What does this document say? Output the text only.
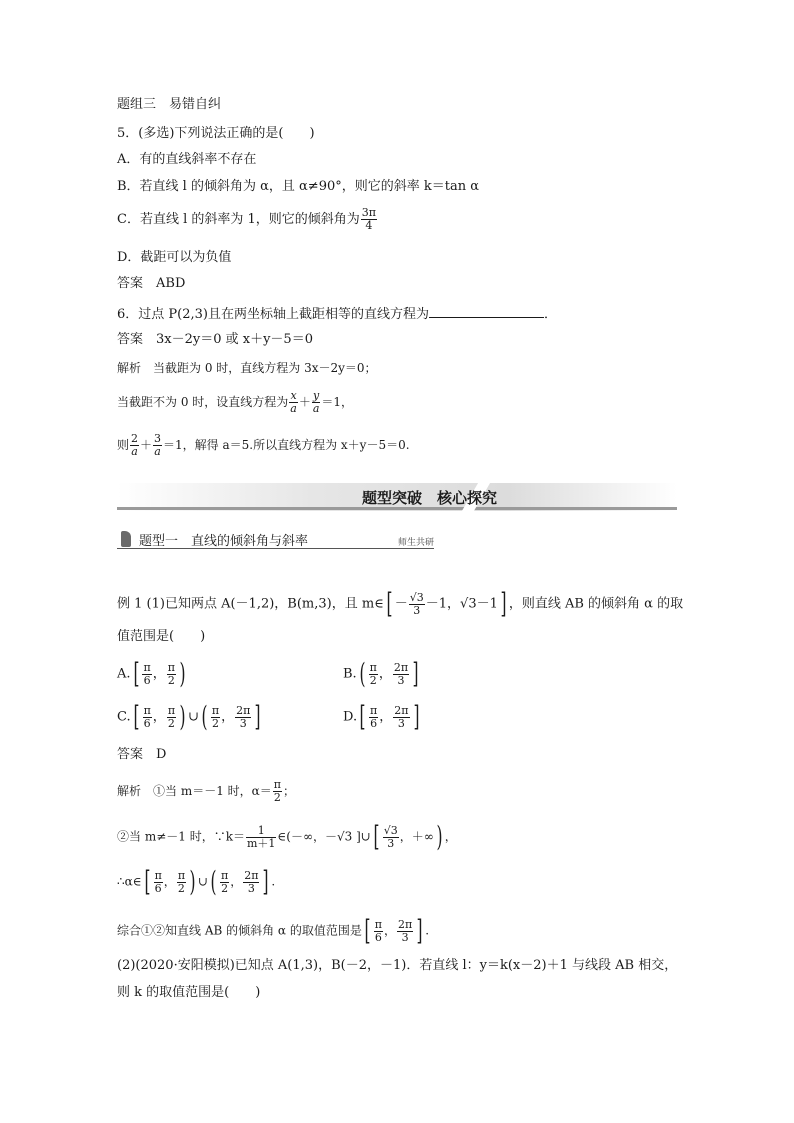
题组三　易错自纠
5．(多选)下列说法正确的是(　　)
A．有的直线斜率不存在
B．若直线 l 的倾斜角为 α，且 α≠90°，则它的斜率 k＝tan α
C．若直线 l 的斜率为 1，则它的倾斜角为 $\frac{3\pi}{4}$
D．截距可以为负值
答案　ABD
6．过点 P(2,3)且在两坐标轴上截距相等的直线方程为	．
答案　3x－2y＝0 或 x＋y－5＝0
解析　当截距为 0 时，直线方程为 3x－2y＝0；
当截距不为 0 时，设直线方程为 $\frac{x}{a} + \frac{y}{a} =1$，
则 $\frac{2}{a} + \frac{3}{a} =1$，解得 a＝5.所以直线方程为 x＋y－5＝0.
题型突破　核心探究
题型一　直线的倾斜角与斜率	师生共研
例 1 (1)已知两点 A(－1,2)，B(m,3)，且 m∈[ － $\frac{√3}{3} -1$，√3－1] ，则直线 AB 的倾斜角 α 的取
值范围是(　　)
$A.[ \frac{\pi}{6}$ ， $\frac{\pi}{2}$ )	$B.( \frac{\pi}{2}$ ， $\frac{2\pi}{3}$ ]
$C.[ \frac{\pi}{6}$ ， $\frac{\pi}{2}$ ) ∪( $\frac{\pi}{2}$ ， $\frac{2\pi}{3}$ ]	$D.[ \frac{\pi}{6}$ ， $\frac{2\pi}{3}$ ]
答案　D
解析　①当 m＝－1 时，$\alpha= \frac{\pi}{2}$ ；
②当 m≠－1 时，∵k＝ $\frac{1}{m+1}$ ∈(－∞，－√3 ]∪[ $\frac{√3}{3}$ ，＋∞) ，
∴α∈[ $\frac{\pi}{6}$ ， $\frac{\pi}{2}$ ) ∪( $\frac{\pi}{2}$ ， $\frac{2\pi}{3}$ ] .
综合①②知直线 AB 的倾斜角 α 的取值范围是[ $\frac{\pi}{6}$ ， $\frac{2\pi}{3}$ ] .
(2)(2020·安阳模拟)已知点 A(1,3)，B(－2，－1)．若直线 l：y＝k(x－2)＋1 与线段 AB 相交，
则 k 的取值范围是(　　)
